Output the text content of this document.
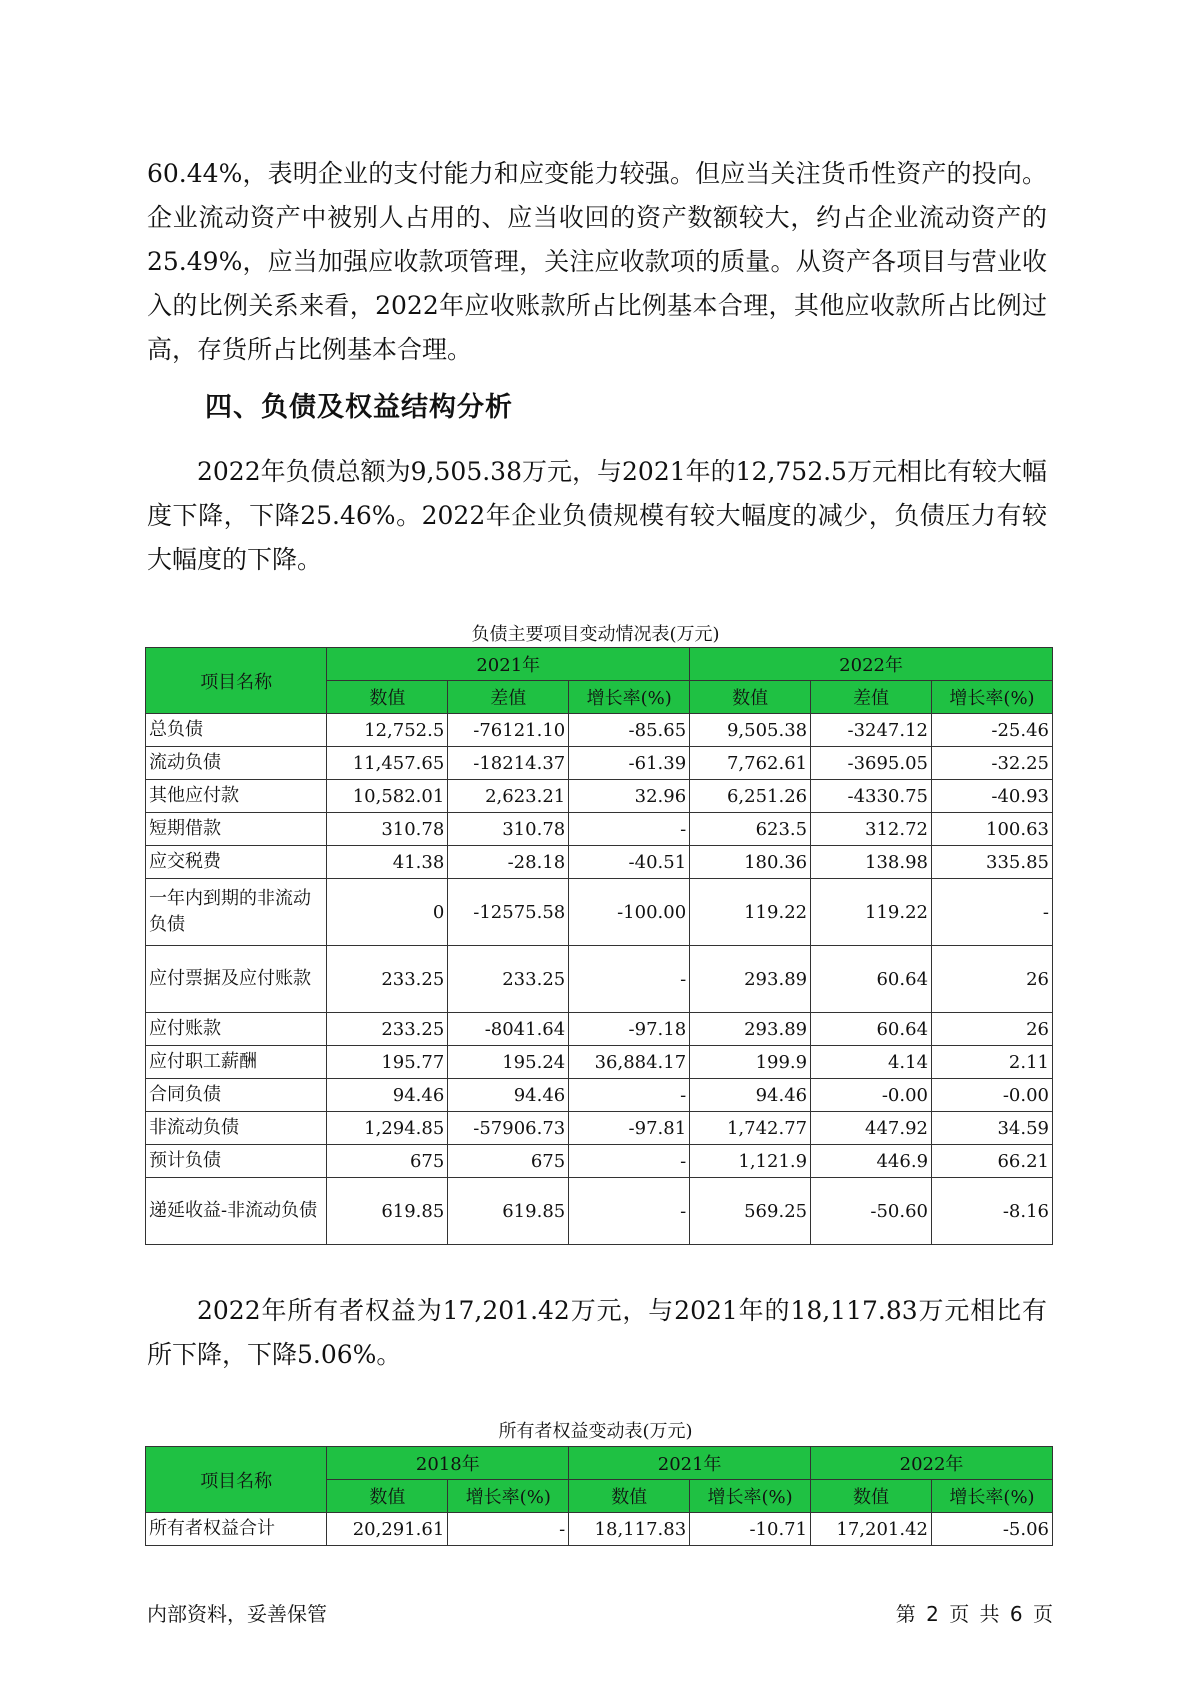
60.44%，表明企业的支付能力和应变能力较强。但应当关注货币性资产的投向。企业流动资产中被别人占用的、应当收回的资产数额较大，约占企业流动资产的25.49%，应当加强应收款项管理，关注应收款项的质量。从资产各项目与营业收入的比例关系来看，2022年应收账款所占比例基本合理，其他应收款所占比例过高，存货所占比例基本合理。

四、负债及权益结构分析

2022年负债总额为9,505.38万元，与2021年的12,752.5万元相比有较大幅度下降，下降25.46%。2022年企业负债规模有较大幅度的减少，负债压力有较大幅度的下降。

负债主要项目变动情况表(万元)

项目名称	2021年			2022年		
	数值	差值	增长率(%)	数值	差值	增长率(%)
总负债	12,752.5	-76121.10	-85.65	9,505.38	-3247.12	-25.46
流动负债	11,457.65	-18214.37	-61.39	7,762.61	-3695.05	-32.25
其他应付款	10,582.01	2,623.21	32.96	6,251.26	-4330.75	-40.93
短期借款	310.78	310.78	-	623.5	312.72	100.63
应交税费	41.38	-28.18	-40.51	180.36	138.98	335.85
一年内到期的非流动负债	0	-12575.58	-100.00	119.22	119.22	-
应付票据及应付账款	233.25	233.25	-	293.89	60.64	26
应付账款	233.25	-8041.64	-97.18	293.89	60.64	26
应付职工薪酬	195.77	195.24	36,884.17	199.9	4.14	2.11
合同负债	94.46	94.46	-	94.46	-0.00	-0.00
非流动负债	1,294.85	-57906.73	-97.81	1,742.77	447.92	34.59
预计负债	675	675	-	1,121.9	446.9	66.21
递延收益-非流动负债	619.85	619.85	-	569.25	-50.60	-8.16

2022年所有者权益为17,201.42万元，与2021年的18,117.83万元相比有所下降，下降5.06%。

所有者权益变动表(万元)

项目名称	2018年		2021年		2022年	
	数值	增长率(%)	数值	增长率(%)	数值	增长率(%)
所有者权益合计	20,291.61	-	18,117.83	-10.71	17,201.42	-5.06
内部资料，妥善保管	第 2 页 共 6 页
